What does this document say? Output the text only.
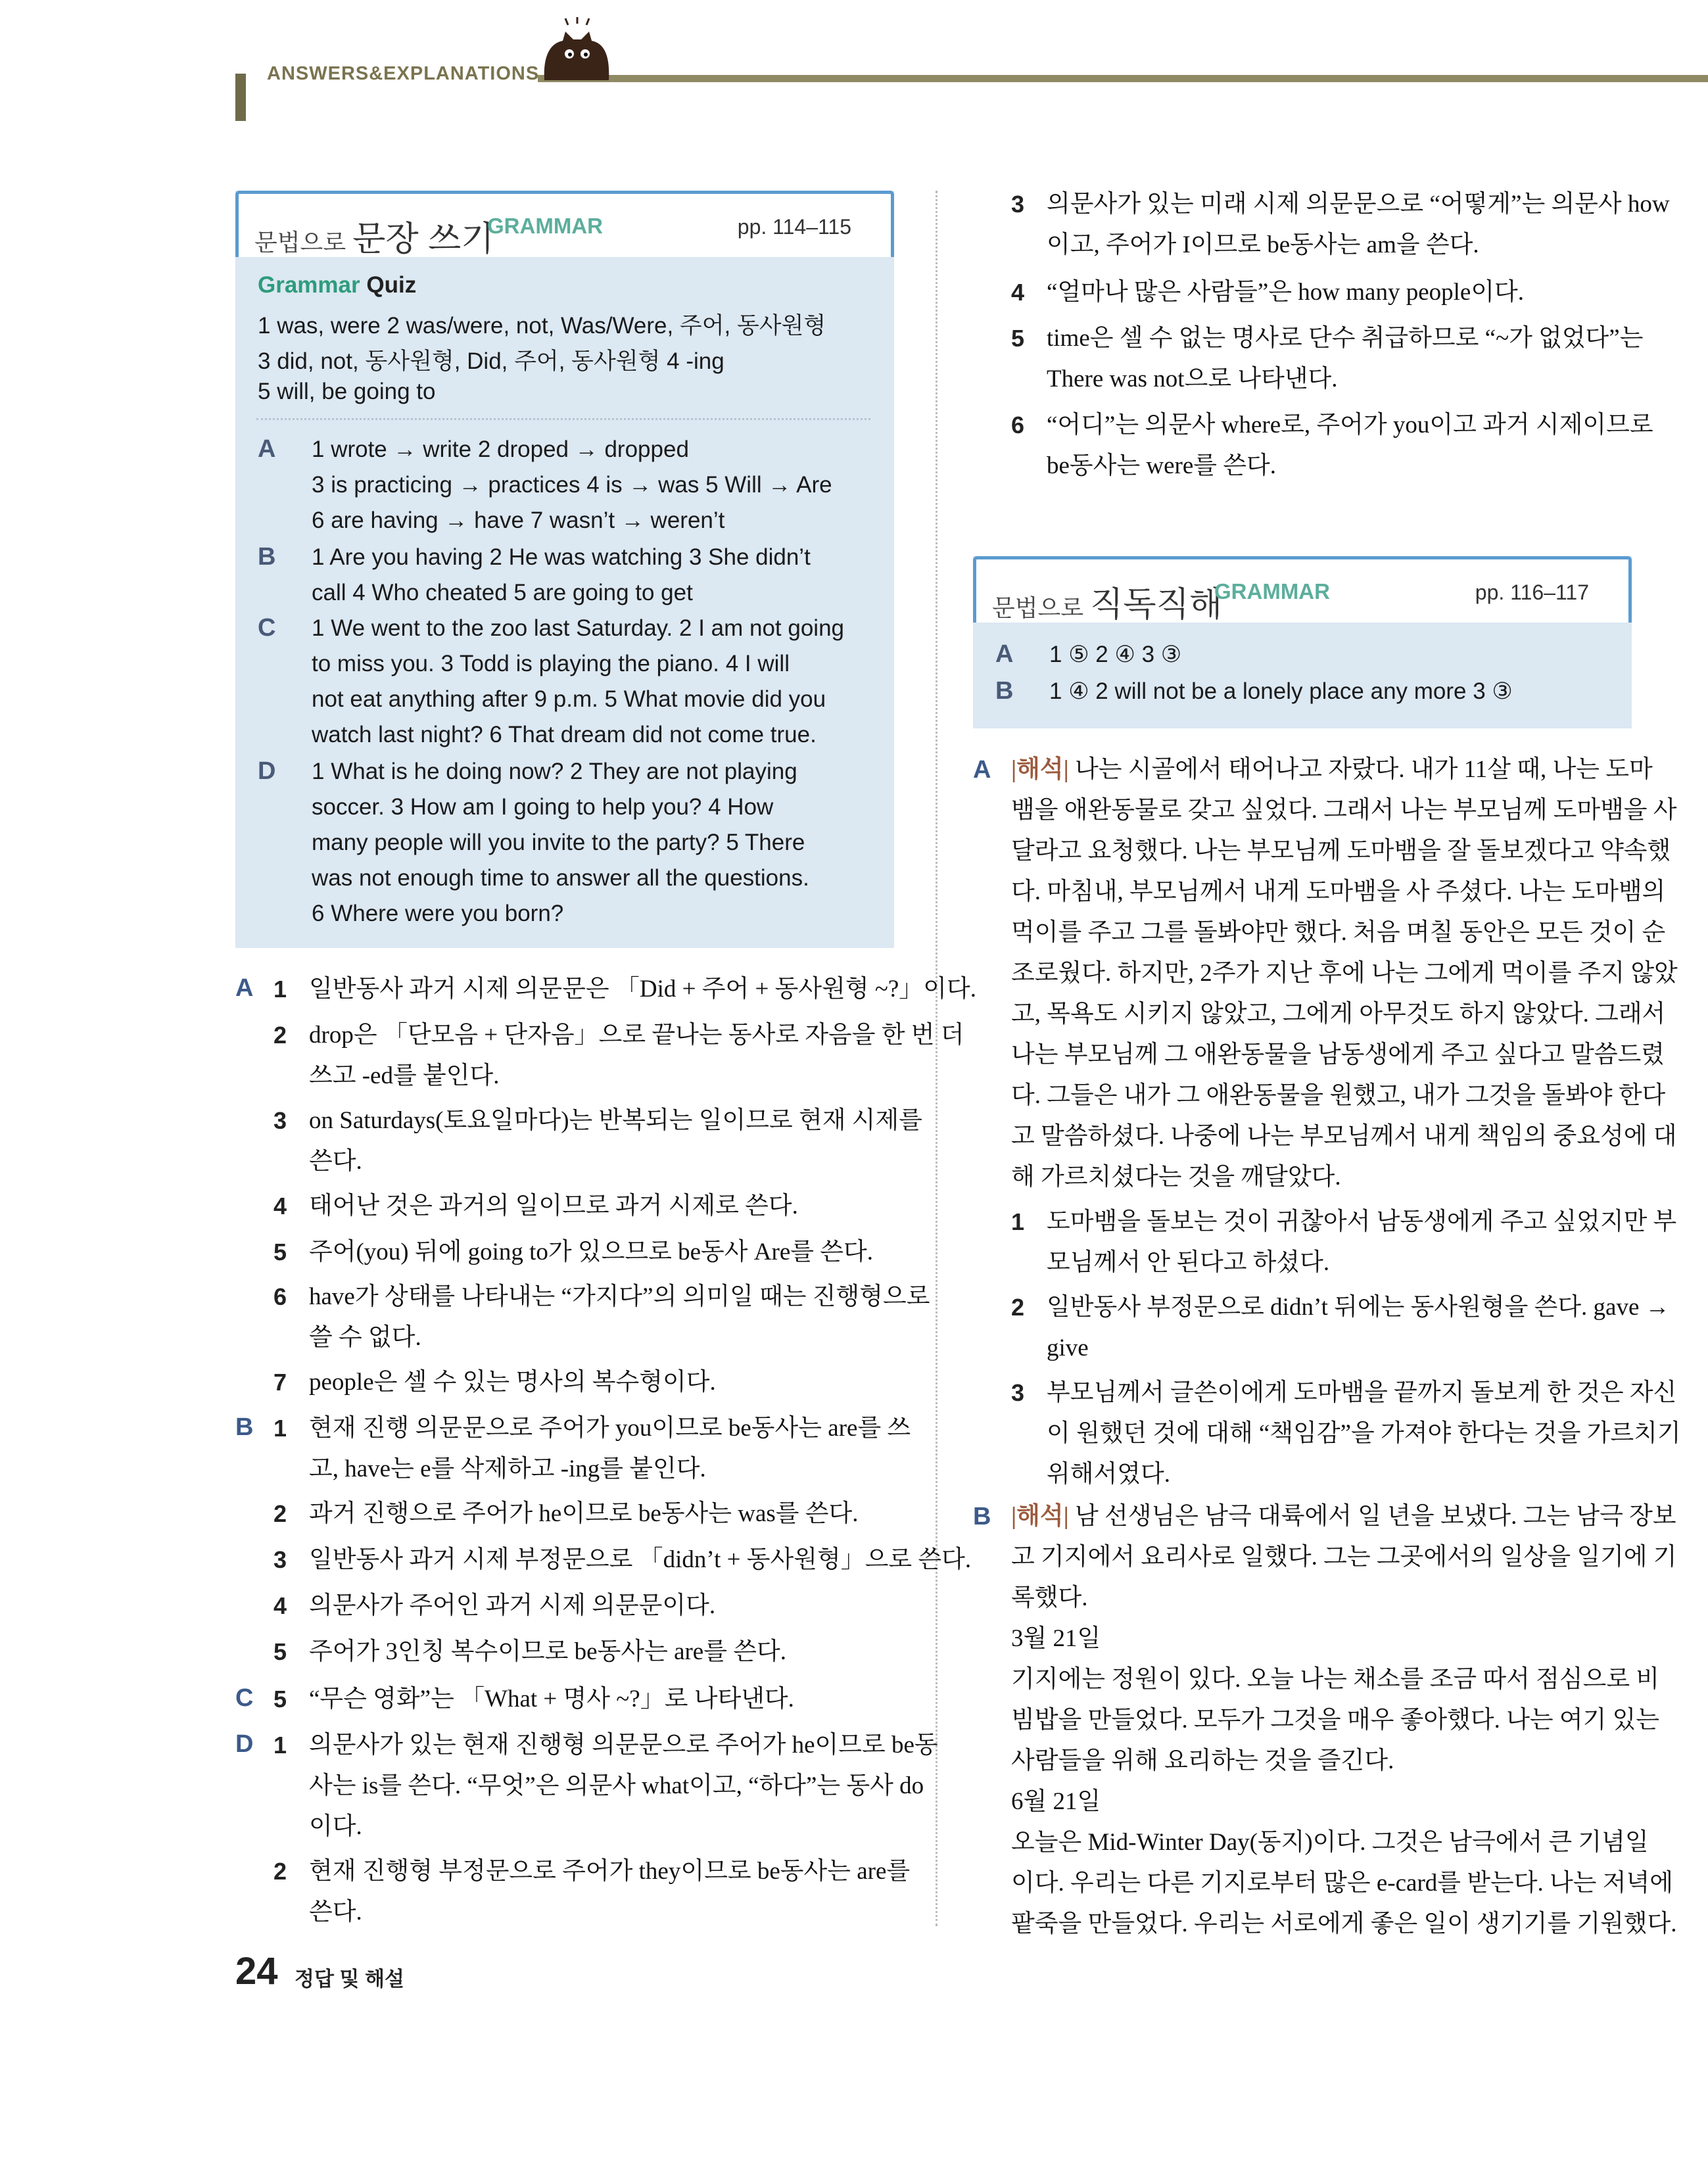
ANSWERS&EXPLANATIONS
문법으로 문장 쓰기
GRAMMAR	pp. 114–115
Grammar Quiz
1 was, were 2 was/were, not, Was/Were, 주어, 동사원형
3 did, not, 동사원형, Did, 주어, 동사원형 4 -ing
5 will, be going to
A 1 wrote → write 2 droped → dropped
3 is practicing → practices 4 is → was 5 Will → Are
6 are having → have 7 wasn’t → weren’t
B 1 Are you having 2 He was watching 3 She didn’t
call 4 Who cheated 5 are going to get
C 1 We went to the zoo last Saturday. 2 I am not going
to miss you. 3 Todd is playing the piano. 4 I will
not eat anything after 9 p.m. 5 What movie did you
watch last night? 6 That dream did not come true.
D 1 What is he doing now? 2 They are not playing
soccer. 3 How am I going to help you? 4 How
many people will you invite to the party? 5 There
was not enough time to answer all the questions.
6 Where were you born?
A 1 일반동사 과거 시제 의문문은 「Did + 주어 + 동사원형 ~?」이다.
2 drop은 「단모음 + 단자음」으로 끝나는 동사로 자음을 한 번 더
쓰고 -ed를 붙인다.
3 on Saturdays(토요일마다)는 반복되는 일이므로 현재 시제를
쓴다.
4 태어난 것은 과거의 일이므로 과거 시제로 쓴다.
5 주어(you) 뒤에 going to가 있으므로 be동사 Are를 쓴다.
6 have가 상태를 나타내는 “가지다”의 의미일 때는 진행형으로
쓸 수 없다.
7 people은 셀 수 있는 명사의 복수형이다.
B 1 현재 진행 의문문으로 주어가 you이므로 be동사는 are를 쓰
고, have는 e를 삭제하고 -ing를 붙인다.
2 과거 진행으로 주어가 he이므로 be동사는 was를 쓴다.
3 일반동사 과거 시제 부정문으로 「didn’t + 동사원형」으로 쓴다.
4 의문사가 주어인 과거 시제 의문문이다.
5 주어가 3인칭 복수이므로 be동사는 are를 쓴다.
C 5 “무슨 영화”는 「What + 명사 ~?」로 나타낸다.
D 1 의문사가 있는 현재 진행형 의문문으로 주어가 he이므로 be동
사는 is를 쓴다. “무엇”은 의문사 what이고, “하다”는 동사 do
이다.
2 현재 진행형 부정문으로 주어가 they이므로 be동사는 are를
쓴다.
3 의문사가 있는 미래 시제 의문문으로 “어떻게”는 의문사 how
이고, 주어가 I이므로 be동사는 am을 쓴다.
4 “얼마나 많은 사람들”은 how many people이다.
5 time은 셀 수 없는 명사로 단수 취급하므로 “~가 없었다”는
There was not으로 나타낸다.
6 “어디”는 의문사 where로, 주어가 you이고 과거 시제이므로
be동사는 were를 쓴다.
문법으로 직독직해
GRAMMAR	pp. 116–117
A 1 ⑤ 2 ④ 3 ③
B 1 ④ 2 will not be a lonely place any more 3 ③
A |해석| 나는 시골에서 태어나고 자랐다. 내가 11살 때, 나는 도마
뱀을 애완동물로 갖고 싶었다. 그래서 나는 부모님께 도마뱀을 사
달라고 요청했다. 나는 부모님께 도마뱀을 잘 돌보겠다고 약속했
다. 마침내, 부모님께서 내게 도마뱀을 사 주셨다. 나는 도마뱀의
먹이를 주고 그를 돌봐야만 했다. 처음 며칠 동안은 모든 것이 순
조로웠다. 하지만, 2주가 지난 후에 나는 그에게 먹이를 주지 않았
고, 목욕도 시키지 않았고, 그에게 아무것도 하지 않았다. 그래서
나는 부모님께 그 애완동물을 남동생에게 주고 싶다고 말씀드렸
다. 그들은 내가 그 애완동물을 원했고, 내가 그것을 돌봐야 한다
고 말씀하셨다. 나중에 나는 부모님께서 내게 책임의 중요성에 대
해 가르치셨다는 것을 깨달았다.
1 도마뱀을 돌보는 것이 귀찮아서 남동생에게 주고 싶었지만 부
모님께서 안 된다고 하셨다.
2 일반동사 부정문으로 didn’t 뒤에는 동사원형을 쓴다. gave →
give
3 부모님께서 글쓴이에게 도마뱀을 끝까지 돌보게 한 것은 자신
이 원했던 것에 대해 “책임감”을 가져야 한다는 것을 가르치기
위해서였다.
B |해석| 남 선생님은 남극 대륙에서 일 년을 보냈다. 그는 남극 장보
고 기지에서 요리사로 일했다. 그는 그곳에서의 일상을 일기에 기
록했다.
3월 21일
기지에는 정원이 있다. 오늘 나는 채소를 조금 따서 점심으로 비
빔밥을 만들었다. 모두가 그것을 매우 좋아했다. 나는 여기 있는
사람들을 위해 요리하는 것을 즐긴다.
6월 21일
오늘은 Mid-Winter Day(동지)이다. 그것은 남극에서 큰 기념일
이다. 우리는 다른 기지로부터 많은 e-card를 받는다. 나는 저녁에
팥죽을 만들었다. 우리는 서로에게 좋은 일이 생기기를 기원했다.
24 정답 및 해설
